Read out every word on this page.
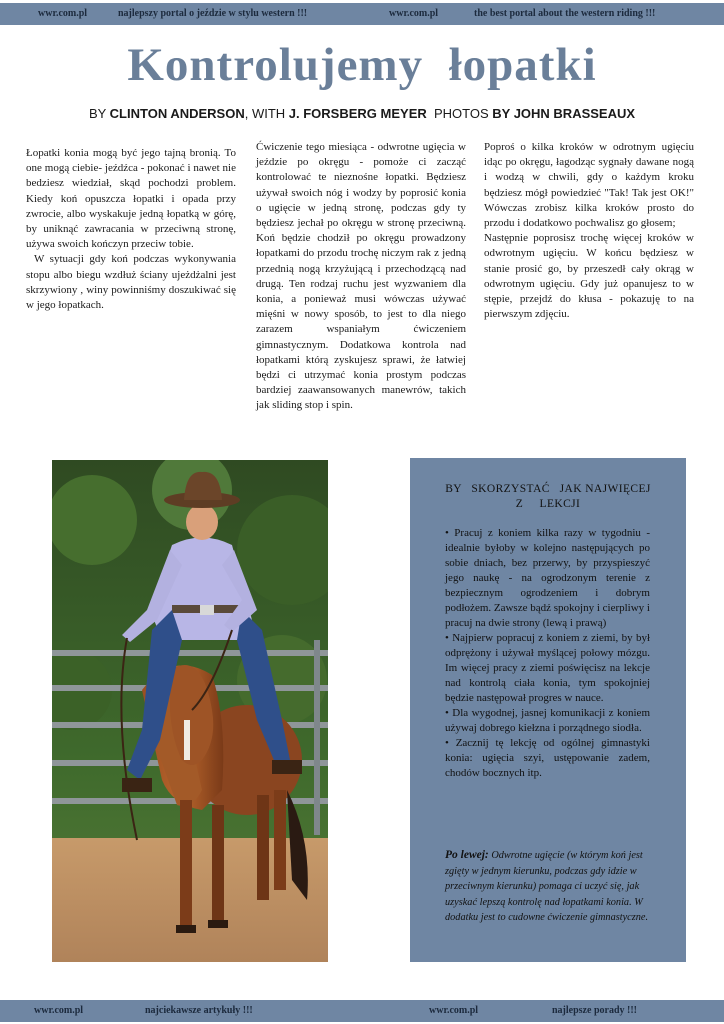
wwr.com.pl	najlepszy portal o jeździe w stylu western !!!	wwr.com.pl	the best portal about the western riding !!!
Kontrolujemy  łopatki
BY CLINTON ANDERSON, WITH J. FORSBERG MEYER  PHOTOS BY JOHN BRASSEAUX

Łopatki konia mogą być jego tajną bronią. To one mogą ciebie- jeźdźca - pokonać i nawet nie bedziesz wiedział, skąd pochodzi problem. Kiedy koń opuszcza łopatki i opada przy zwrocie, albo wyskakuje jedną łopatką w górę, by uniknąć zawracania w przeciwną stronę, używa swoich kończyn przeciw tobie.

W sytuacji gdy koń podczas wykonywania stopu albo biegu wzdłuż ściany ujeżdżalni jest skrzywiony , winy powinniśmy doszukiwać się w jego łopatkach.

Ćwiczenie tego miesiąca - odwrotne ugięcia w jeździe po okręgu - pomoże ci zacząć kontrolować te nieznośne łopatki. Będziesz używał swoich nóg i wodzy by poprosić konia o ugięcie w jedną stronę, podczas gdy ty będziesz jechał po okręgu w stronę przeciwną. Koń będzie chodził po okręgu prowadzony łopatkami do przodu trochę niczym rak z jedną przednią nogą krzyżującą i przechodzącą nad drugą. Ten rodzaj ruchu jest wyzwaniem dla konia, a ponieważ musi wówczas używać mięśni w nowy sposób, to jest to dla niego zarazem wspaniałym ćwiczeniem gimnastycznym. Dodatkowa kontrola nad łopatkami którą zyskujesz sprawi, że łatwiej będzi ci utrzymać konia prostym podczas bardziej zaawansowanych manewrów, takich jak sliding stop i spin.

Poproś o kilka kroków w odrotnym ugięciu idąc po okręgu, łagodząc sygnały dawane nogą i wodzą w chwili, gdy o każdym kroku będziesz mógł powiedzieć "Tak! Tak jest OK!" Wówczas zrobisz kilka kroków prosto do przodu i dodatkowo pochwalisz go głosem;

Następnie poprosisz trochę więcej kroków w odwrotnym ugięciu. W końcu będziesz w stanie prosić go, by przeszedł cały okrąg w odwrotnym ugięciu. Gdy już opanujesz to w stępie, przejdź do kłusa - pokazuję to na pierwszym zdjęciu.

BY   SKORZYSTAĆ   JAK NAJWIĘCEJ
Z     LEKCJI

• Pracuj z koniem kilka razy w tygodniu - idealnie byłoby w kolejno następujących po sobie dniach, bez przerwy, by przyspieszyć jego naukę - na ogrodzonym terenie z bezpiecznym ogrodzeniem i dobrym podłożem. Zawsze bądź spokojny i cierpliwy i pracuj na dwie strony (lewą i prawą)

• Najpierw popracuj z koniem z ziemi, by był odprężony i używał myślącej połowy mózgu. Im więcej pracy z ziemi poświęcisz na lekcje nad kontrolą ciała konia, tym spokojniej będzie następował progres w nauce.

• Dla wygodnej, jasnej komunikacji z koniem używaj dobrego kiełzna i porządnego siodła.

• Zacznij tę lekcję od ogólnej gimnastyki konia: ugięcia szyi, ustępowanie zadem, chodów bocznych itp.

Po lewej: Odwrotne ugięcie (w którym koń jest zgięty w jednym kierunku, podczas gdy idzie w przeciwnym kierunku) pomaga ci uczyć się, jak uzyskać lepszą kontrolę nad łopatkami konia. W dodatku jest to cudowne ćwiczenie gimnastyczne.
wwr.com.pl	najciekawsze artykuły !!!	wwr.com.pl	najlepsze porady !!!
